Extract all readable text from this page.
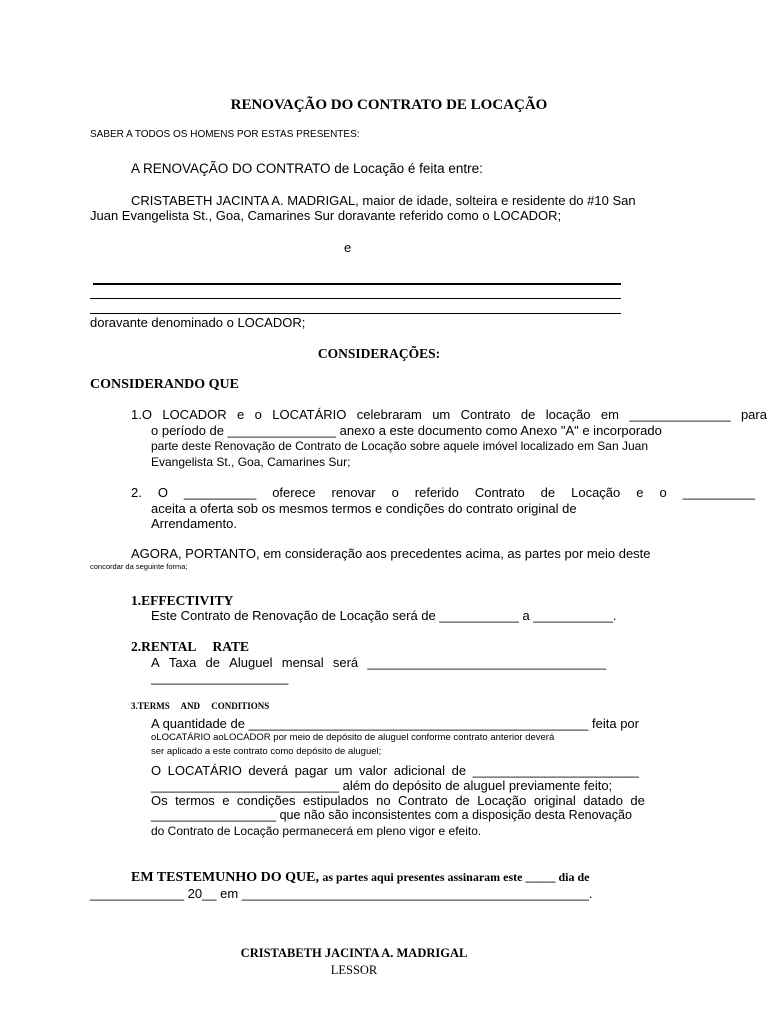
RENOVAÇÃO DO CONTRATO DE LOCAÇÃO
SABER A TODOS OS HOMENS POR ESTAS PRESENTES:
A RENOVAÇÃO DO CONTRATO de Locação é feita entre:
CRISTABETH JACINTA A. MADRIGAL, maior de idade, solteira e residente do #10 San
Juan Evangelista St., Goa, Camarines Sur doravante referido como o LOCADOR;
e
doravante denominado o LOCADOR;
CONSIDERAÇÕES:
CONSIDERANDO QUE
1.O LOCADOR e o LOCATÁRIO celebraram um Contrato de locação em ______________ para
o período de _______________ anexo a este documento como Anexo "A" e incorporado
parte deste Renovação de Contrato de Locação sobre aquele imóvel localizado em San Juan
Evangelista St., Goa, Camarines Sur;
2. O __________ oferece renovar o referido Contrato de Locação e o __________
aceita a oferta sob os mesmos termos e condições do contrato original de
Arrendamento.
AGORA, PORTANTO, em consideração aos precedentes acima, as partes por meio deste
concordar da seguinte forma;
1.EFFECTIVITY
Este Contrato de Renovação de Locação será de ___________ a ___________.
2.RENTAL     RATE
A Taxa de Aluguel mensal será _________________________________
___________________
3.TERMS     AND     CONDITIONS
A quantidade de _______________________________________________ feita por
oLOCATÁRIO aoLOCADOR por meio de depósito de aluguel conforme contrato anterior deverá
ser aplicado a este contrato como depósito de aluguel;
O LOCATÁRIO deverá pagar um valor adicional de _______________________
__________________________ além do depósito de aluguel previamente feito;
Os termos e condições estipulados no Contrato de Locação original datado de
__________________ que não são inconsistentes com a disposição desta Renovação
do Contrato de Locação permanecerá em pleno vigor e efeito.
EM TESTEMUNHO DO QUE, as partes aqui presentes assinaram este _____ dia de
_____________ 20__ em ________________________________________________.
CRISTABETH JACINTA A. MADRIGAL
LESSOR
